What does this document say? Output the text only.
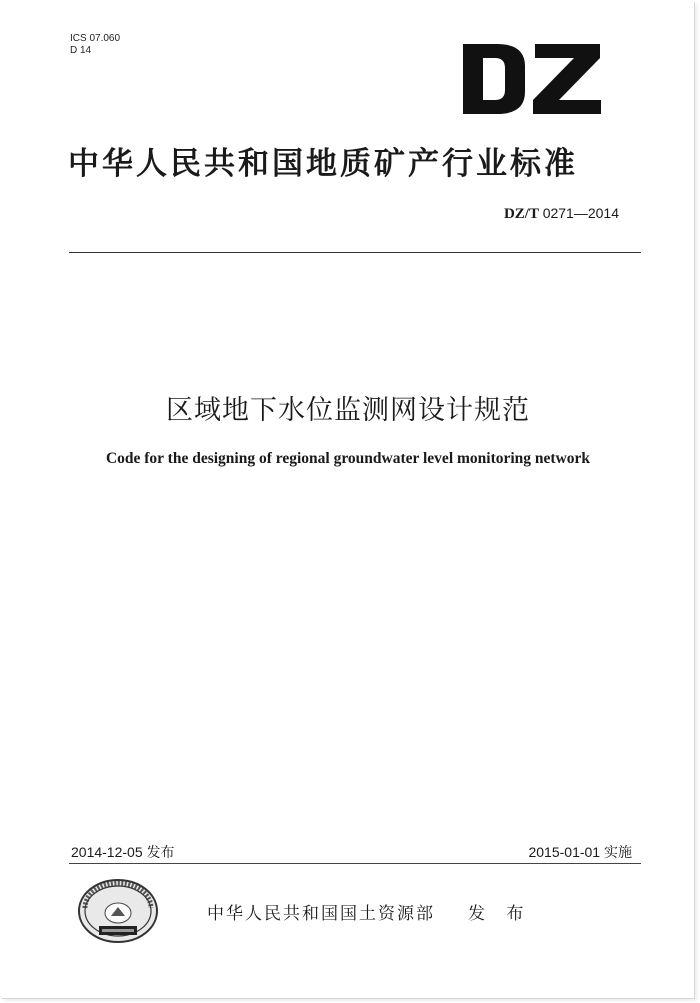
ICS 07.060
D 14
中华人民共和国地质矿产行业标准
DZ/T 0271—2014
区域地下水位监测网设计规范
Code for the designing of regional groundwater level monitoring network
2014-12-05 发布	2015-01-01 实施
中华人民共和国国土资源部 发 布
